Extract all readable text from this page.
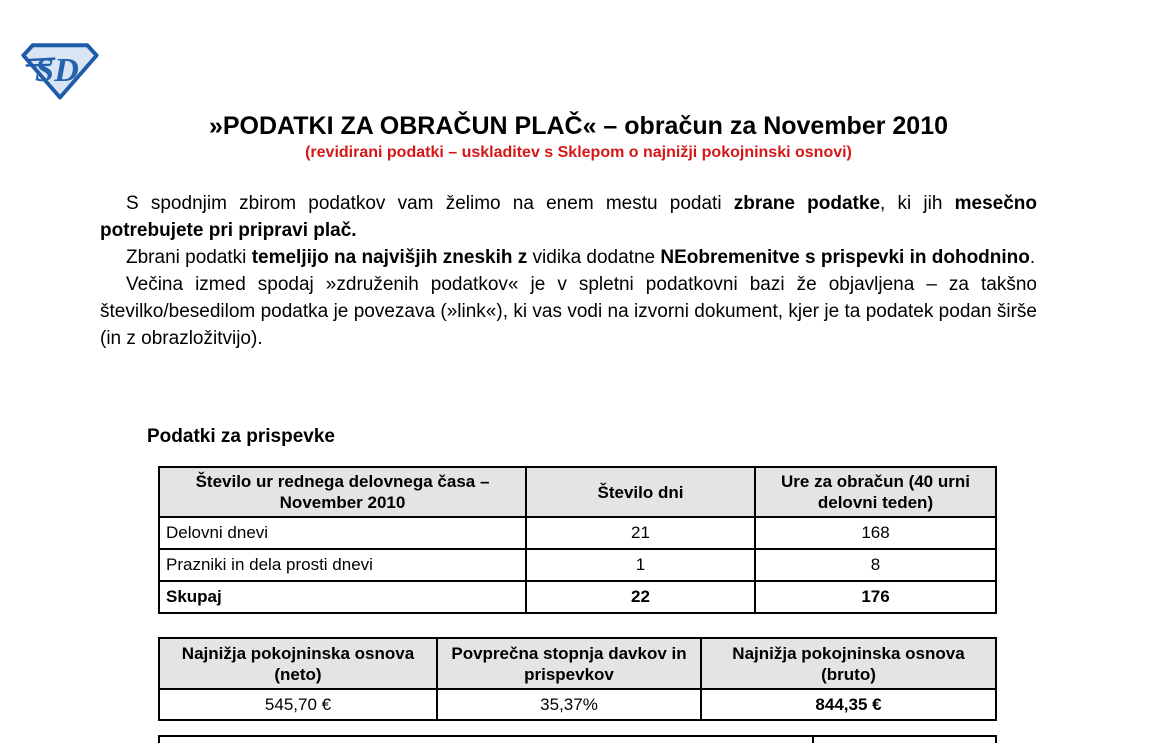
SD
»PODATKI ZA OBRAČUN PLAČ« – obračun za November 2010
(revidirani podatki – uskladitev s Sklepom o najnižji pokojninski osnovi)

S spodnjim zbirom podatkov vam želimo na enem mestu podati zbrane podatke, ki jih mesečno potrebujete pri pripravi plač.

Zbrani podatki temeljijo na najvišjih zneskih z vidika dodatne NEobremenitve s prispevki in dohodnino.

Večina izmed spodaj »združenih podatkov« je v spletni podatkovni bazi že objavljena – za takšno številko/besedilom podatka je povezava (»link«), ki vas vodi na izvorni dokument, kjer je ta podatek podan širše (in z obrazložitvijo).

Podatki za prispevke
Število ur rednega delovnega časa – November 2010	Število dni	Ure za obračun (40 urni delovni teden)
Delovni dnevi	21	168
Prazniki in dela prosti dnevi	1	8
Skupaj	22	176
Najnižja pokojninska osnova (neto)	Povprečna stopnja davkov in prispevkov	Najnižja pokojninska osnova (bruto)
545,70 €	35,37%	844,35 €
